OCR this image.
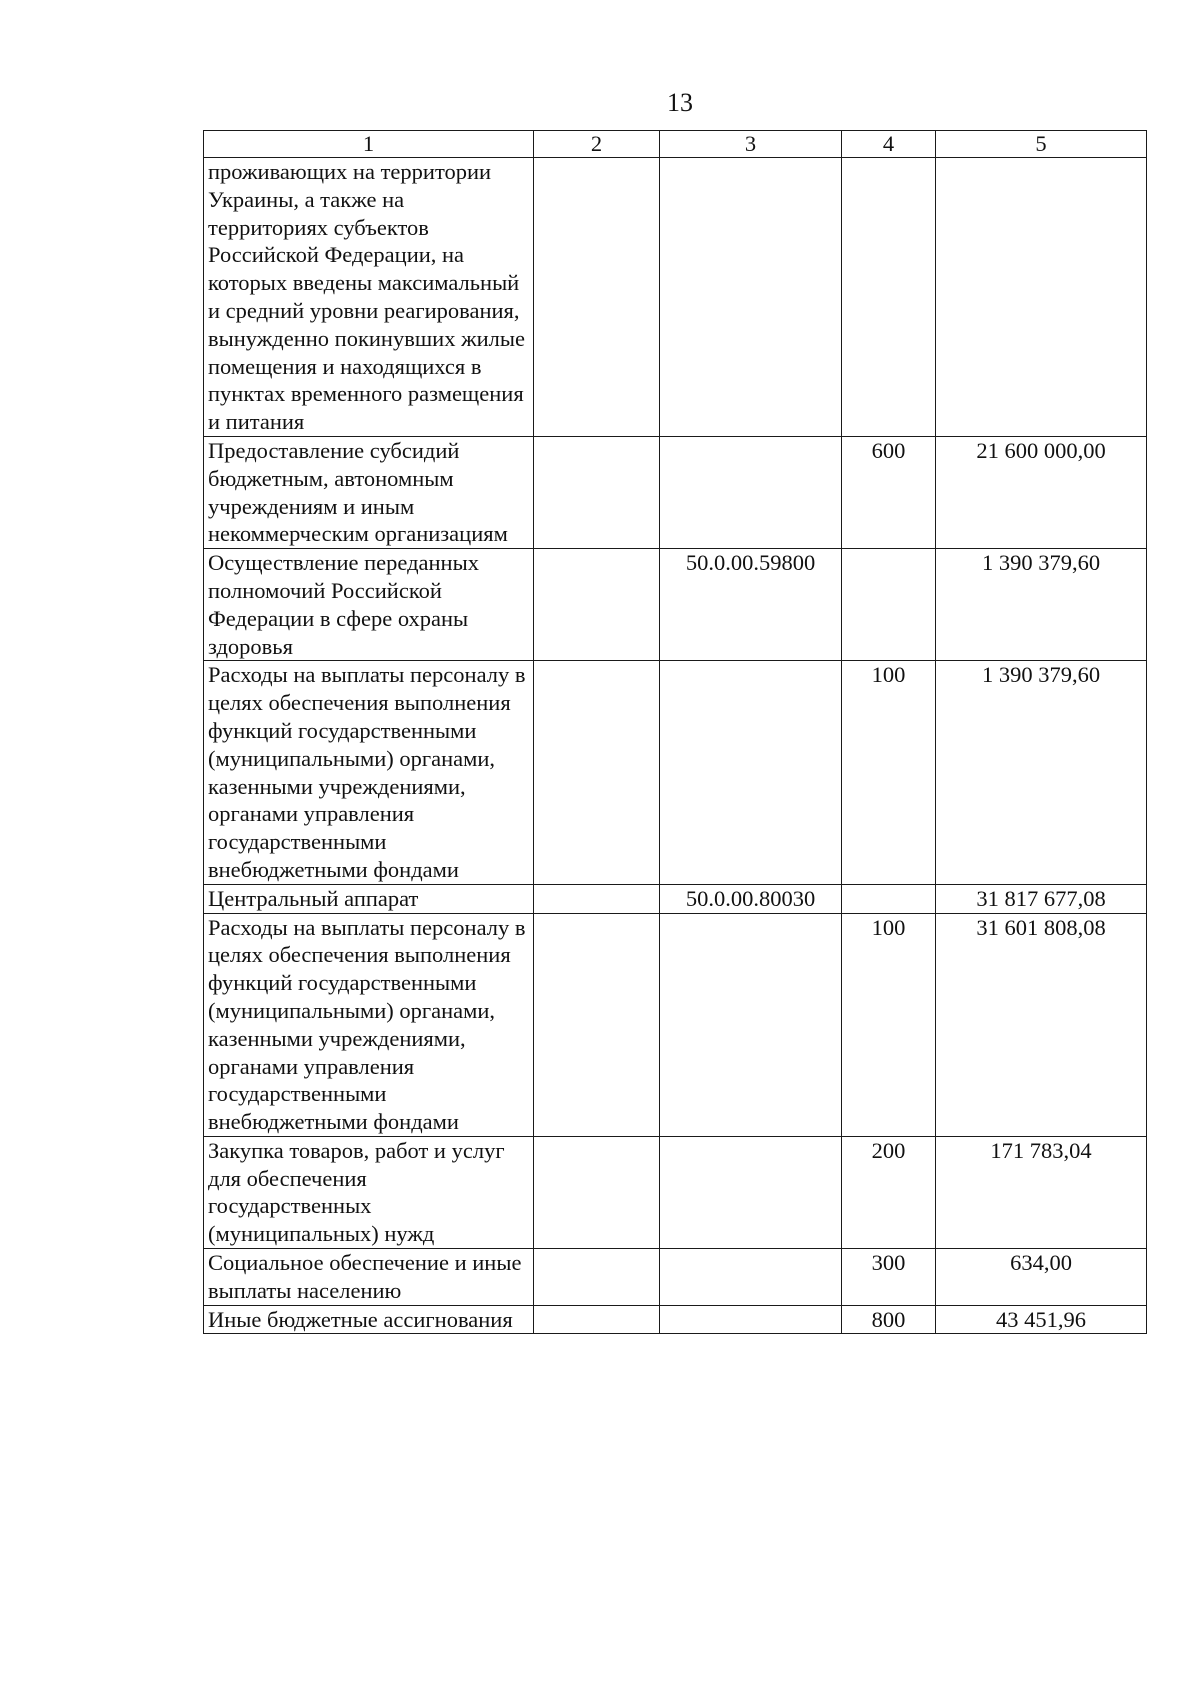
13
1	2	3	4	5
проживающих на территории Украины, а также на территориях субъектов Российской Федерации, на которых введены максимальный и средний уровни реагирования, вынужденно покинувших жилые помещения и находящихся в пунктах временного размещения и питания				
Предоставление субсидий бюджетным, автономным учреждениям и иным некоммерческим организациям			600	21 600 000,00
Осуществление переданных полномочий Российской Федерации в сфере охраны здоровья		50.0.00.59800		1 390 379,60
Расходы на выплаты персоналу в целях обеспечения выполнения функций государственными (муниципальными) органами, казенными учреждениями, органами управления государственными внебюджетными фондами			100	1 390 379,60
Центральный аппарат		50.0.00.80030		31 817 677,08
Расходы на выплаты персоналу в целях обеспечения выполнения функций государственными (муниципальными) органами, казенными учреждениями, органами управления государственными внебюджетными фондами			100	31 601 808,08
Закупка товаров, работ и услуг для обеспечения государственных (муниципальных) нужд			200	171 783,04
Социальное обеспечение и иные выплаты населению			300	634,00
Иные бюджетные ассигнования			800	43 451,96
